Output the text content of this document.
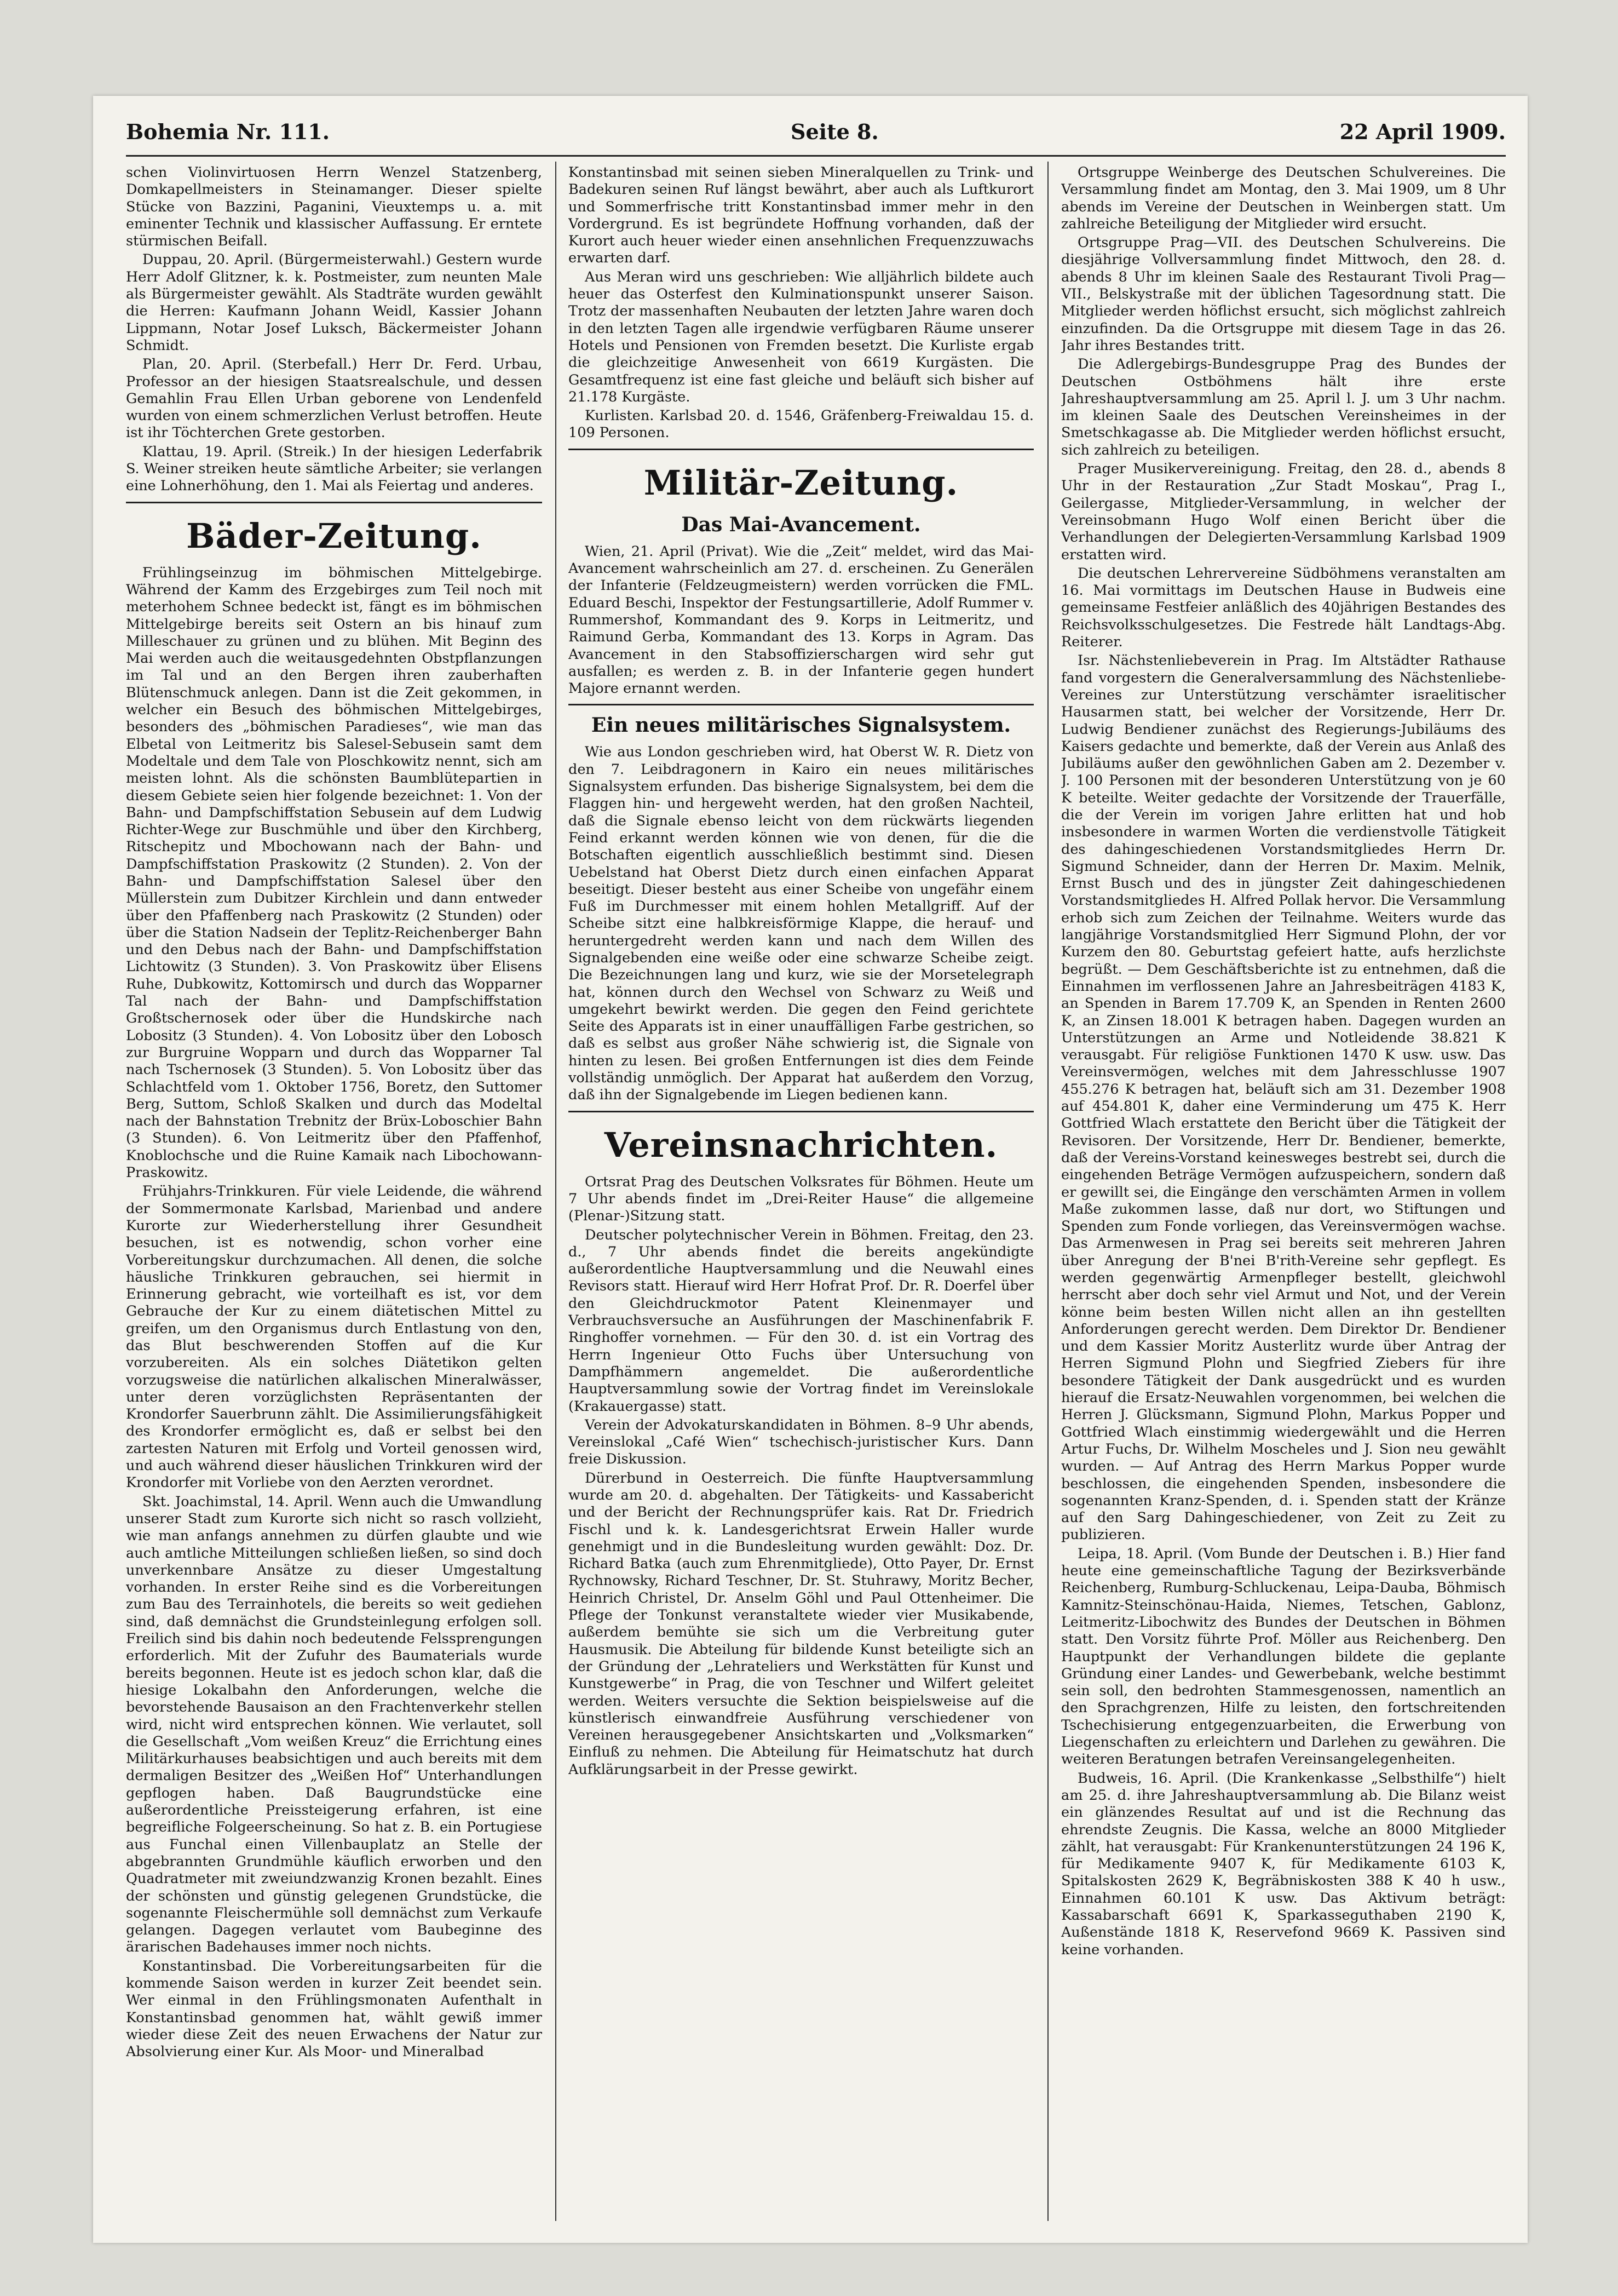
Bohemia Nr. 111.	Seite 8.	22 April 1909.

schen Violinvirtuosen Herrn Wenzel Statzenberg, Domkapellmeisters in Steinamanger. Dieser spielte Stücke von Bazzini, Paganini, Vieuxtemps u. a. mit eminenter Technik und klassischer Auffassung. Er erntete stürmischen Beifall.

Duppau, 20. April. (Bürgermeisterwahl.) Gestern wurde Herr Adolf Glitzner, k. k. Postmeister, zum neunten Male als Bürgermeister gewählt. Als Stadträte wurden gewählt die Herren: Kaufmann Johann Weidl, Kassier Johann Lippmann, Notar Josef Luksch, Bäckermeister Johann Schmidt.

Plan, 20. April. (Sterbefall.) Herr Dr. Ferd. Urbau, Professor an der hiesigen Staatsrealschule, und dessen Gemahlin Frau Ellen Urban geborene von Lendenfeld wurden von einem schmerzlichen Verlust betroffen. Heute ist ihr Töchterchen Grete gestorben.

Klattau, 19. April. (Streik.) In der hiesigen Lederfabrik S. Weiner streiken heute sämtliche Arbeiter; sie verlangen eine Lohnerhöhung, den 1. Mai als Feiertag und anderes.

Bäder-Zeitung.

Frühlingseinzug im böhmischen Mittelgebirge. Während der Kamm des Erzgebirges zum Teil noch mit meterhohem Schnee bedeckt ist, fängt es im böhmischen Mittelgebirge bereits seit Ostern an bis hinauf zum Milleschauer zu grünen und zu blühen. Mit Beginn des Mai werden auch die weitausgedehnten Obstpflanzungen im Tal und an den Bergen ihren zauberhaften Blütenschmuck anlegen. Dann ist die Zeit gekommen, in welcher ein Besuch des böhmischen Mittelgebirges, besonders des „böhmischen Paradieses“, wie man das Elbetal von Leitmeritz bis Salesel-Sebusein samt dem Modeltale und dem Tale von Ploschkowitz nennt, sich am meisten lohnt. Als die schönsten Baumblütepartien in diesem Gebiete seien hier folgende bezeichnet: 1. Von der Bahn- und Dampfschiffstation Sebusein auf dem Ludwig Richter-Wege zur Buschmühle und über den Kirchberg, Ritschepitz und Mbochowann nach der Bahn- und Dampfschiffstation Praskowitz (2 Stunden). 2. Von der Bahn- und Dampfschiffstation Salesel über den Müllerstein zum Dubitzer Kirchlein und dann entweder über den Pfaffenberg nach Praskowitz (2 Stunden) oder über die Station Nadsein der Teplitz-Reichenberger Bahn und den Debus nach der Bahn- und Dampfschiffstation Lichtowitz (3 Stunden). 3. Von Praskowitz über Elisens Ruhe, Dubkowitz, Kottomirsch und durch das Wopparner Tal nach der Bahn- und Dampfschiffstation Großtschernosek oder über die Hundskirche nach Lobositz (3 Stunden). 4. Von Lobositz über den Lobosch zur Burgruine Wopparn und durch das Wopparner Tal nach Tschernosek (3 Stunden). 5. Von Lobositz über das Schlachtfeld vom 1. Oktober 1756, Boretz, den Suttomer Berg, Suttom, Schloß Skalken und durch das Modeltal nach der Bahnstation Trebnitz der Brüx-Loboschier Bahn (3 Stunden). 6. Von Leitmeritz über den Pfaffenhof, Knoblochsche und die Ruine Kamaik nach Libochowann-Praskowitz.

Frühjahrs-Trinkkuren. Für viele Leidende, die während der Sommermonate Karlsbad, Marienbad und andere Kurorte zur Wiederherstellung ihrer Gesundheit besuchen, ist es notwendig, schon vorher eine Vorbereitungskur durchzumachen. All denen, die solche häusliche Trinkkuren gebrauchen, sei hiermit in Erinnerung gebracht, wie vorteilhaft es ist, vor dem Gebrauche der Kur zu einem diätetischen Mittel zu greifen, um den Organismus durch Entlastung von den, das Blut beschwerenden Stoffen auf die Kur vorzubereiten. Als ein solches Diätetikon gelten vorzugsweise die natürlichen alkalischen Mineralwässer, unter deren vorzüglichsten Repräsentanten der Krondorfer Sauerbrunn zählt. Die Assimilierungsfähigkeit des Krondorfer ermöglicht es, daß er selbst bei den zartesten Naturen mit Erfolg und Vorteil genossen wird, und auch während dieser häuslichen Trinkkuren wird der Krondorfer mit Vorliebe von den Aerzten verordnet.

Skt. Joachimstal, 14. April. Wenn auch die Umwandlung unserer Stadt zum Kurorte sich nicht so rasch vollzieht, wie man anfangs annehmen zu dürfen glaubte und wie auch amtliche Mitteilungen schließen ließen, so sind doch unverkennbare Ansätze zu dieser Umgestaltung vorhanden. In erster Reihe sind es die Vorbereitungen zum Bau des Terrainhotels, die bereits so weit gediehen sind, daß demnächst die Grundsteinlegung erfolgen soll. Freilich sind bis dahin noch bedeutende Felssprengungen erforderlich. Mit der Zufuhr des Baumaterials wurde bereits begonnen. Heute ist es jedoch schon klar, daß die hiesige Lokalbahn den Anforderungen, welche die bevorstehende Bausaison an den Frachtenverkehr stellen wird, nicht wird entsprechen können. Wie verlautet, soll die Gesellschaft „Vom weißen Kreuz“ die Errichtung eines Militärkurhauses beabsichtigen und auch bereits mit dem dermaligen Besitzer des „Weißen Hof“ Unterhandlungen gepflogen haben. Daß Baugrundstücke eine außerordentliche Preissteigerung erfahren, ist eine begreifliche Folgeerscheinung. So hat z. B. ein Portugiese aus Funchal einen Villenbauplatz an Stelle der abgebrannten Grundmühle käuflich erworben und den Quadratmeter mit zweiundzwanzig Kronen bezahlt. Eines der schönsten und günstig gelegenen Grundstücke, die sogenannte Fleischermühle soll demnächst zum Verkaufe gelangen. Dagegen verlautet vom Baubeginne des ärarischen Badehauses immer noch nichts.

Konstantinsbad. Die Vorbereitungsarbeiten für die kommende Saison werden in kurzer Zeit beendet sein. Wer einmal in den Frühlingsmonaten Aufenthalt in Konstantinsbad genommen hat, wählt gewiß immer wieder diese Zeit des neuen Erwachens der Natur zur Absolvierung einer Kur. Als Moor- und Mineralbad

Konstantinsbad mit seinen sieben Mineralquellen zu Trink- und Badekuren seinen Ruf längst bewährt, aber auch als Luftkurort und Sommerfrische tritt Konstantinsbad immer mehr in den Vordergrund. Es ist begründete Hoffnung vorhanden, daß der Kurort auch heuer wieder einen ansehnlichen Frequenzzuwachs erwarten darf.

Aus Meran wird uns geschrieben: Wie alljährlich bildete auch heuer das Osterfest den Kulminationspunkt unserer Saison. Trotz der massenhaften Neubauten der letzten Jahre waren doch in den letzten Tagen alle irgendwie verfügbaren Räume unserer Hotels und Pensionen von Fremden besetzt. Die Kurliste ergab die gleichzeitige Anwesenheit von 6619 Kurgästen. Die Gesamtfrequenz ist eine fast gleiche und beläuft sich bisher auf 21.178 Kurgäste.

Kurlisten. Karlsbad 20. d. 1546, Gräfenberg-Freiwaldau 15. d. 109 Personen.

Militär-Zeitung.
Das Mai-Avancement.

Wien, 21. April (Privat). Wie die „Zeit“ meldet, wird das Mai-Avancement wahrscheinlich am 27. d. erscheinen. Zu Generälen der Infanterie (Feldzeugmeistern) werden vorrücken die FML. Eduard Beschi, Inspektor der Festungsartillerie, Adolf Rummer v. Rummershof, Kommandant des 9. Korps in Leitmeritz, und Raimund Gerba, Kommandant des 13. Korps in Agram. Das Avancement in den Stabsoffizierschargen wird sehr gut ausfallen; es werden z. B. in der Infanterie gegen hundert Majore ernannt werden.

Ein neues militärisches Signalsystem.

Wie aus London geschrieben wird, hat Oberst W. R. Dietz von den 7. Leibdragonern in Kairo ein neues militärisches Signalsystem erfunden. Das bisherige Signalsystem, bei dem die Flaggen hin- und hergeweht werden, hat den großen Nachteil, daß die Signale ebenso leicht von dem rückwärts liegenden Feind erkannt werden können wie von denen, für die die Botschaften eigentlich ausschließlich bestimmt sind. Diesen Uebelstand hat Oberst Dietz durch einen einfachen Apparat beseitigt. Dieser besteht aus einer Scheibe von ungefähr einem Fuß im Durchmesser mit einem hohlen Metallgriff. Auf der Scheibe sitzt eine halbkreisförmige Klappe, die herauf- und heruntergedreht werden kann und nach dem Willen des Signalgebenden eine weiße oder eine schwarze Scheibe zeigt. Die Bezeichnungen lang und kurz, wie sie der Morsetelegraph hat, können durch den Wechsel von Schwarz zu Weiß und umgekehrt bewirkt werden. Die gegen den Feind gerichtete Seite des Apparats ist in einer unauffälligen Farbe gestrichen, so daß es selbst aus großer Nähe schwierig ist, die Signale von hinten zu lesen. Bei großen Entfernungen ist dies dem Feinde vollständig unmöglich. Der Apparat hat außerdem den Vorzug, daß ihn der Signalgebende im Liegen bedienen kann.

Vereinsnachrichten.

Ortsrat Prag des Deutschen Volksrates für Böhmen. Heute um 7 Uhr abends findet im „Drei-Reiter Hause“ die allgemeine (Plenar-)Sitzung statt.

Deutscher polytechnischer Verein in Böhmen. Freitag, den 23. d., 7 Uhr abends findet die bereits angekündigte außerordentliche Hauptversammlung und die Neuwahl eines Revisors statt. Hierauf wird Herr Hofrat Prof. Dr. R. Doerfel über den Gleichdruckmotor Patent Kleinenmayer und Verbrauchsversuche an Ausführungen der Maschinenfabrik F. Ringhoffer vornehmen. — Für den 30. d. ist ein Vortrag des Herrn Ingenieur Otto Fuchs über Untersuchung von Dampfhämmern angemeldet. Die außerordentliche Hauptversammlung sowie der Vortrag findet im Vereinslokale (Krakauergasse) statt.

Verein der Advokaturskandidaten in Böhmen. 8–9 Uhr abends, Vereinslokal „Café Wien“ tschechisch-juristischer Kurs. Dann freie Diskussion.

Dürerbund in Oesterreich. Die fünfte Hauptversammlung wurde am 20. d. abgehalten. Der Tätigkeits- und Kassabericht und der Bericht der Rechnungsprüfer kais. Rat Dr. Friedrich Fischl und k. k. Landesgerichtsrat Erwein Haller wurde genehmigt und in die Bundesleitung wurden gewählt: Doz. Dr. Richard Batka (auch zum Ehrenmitgliede), Otto Payer, Dr. Ernst Rychnowsky, Richard Teschner, Dr. St. Stuhrawy, Moritz Becher, Heinrich Christel, Dr. Anselm Göhl und Paul Ottenheimer. Die Pflege der Tonkunst veranstaltete wieder vier Musikabende, außerdem bemühte sie sich um die Verbreitung guter Hausmusik. Die Abteilung für bildende Kunst beteiligte sich an der Gründung der „Lehrateliers und Werkstätten für Kunst und Kunstgewerbe“ in Prag, die von Teschner und Wilfert geleitet werden. Weiters versuchte die Sektion beispielsweise auf die künstlerisch einwandfreie Ausführung verschiedener von Vereinen herausgegebener Ansichtskarten und „Volksmarken“ Einfluß zu nehmen. Die Abteilung für Heimatschutz hat durch Aufklärungsarbeit in der Presse gewirkt.

Ortsgruppe Weinberge des Deutschen Schulvereines. Die Versammlung findet am Montag, den 3. Mai 1909, um 8 Uhr abends im Vereine der Deutschen in Weinbergen statt. Um zahlreiche Beteiligung der Mitglieder wird ersucht.

Ortsgruppe Prag—VII. des Deutschen Schulvereins. Die diesjährige Vollversammlung findet Mittwoch, den 28. d. abends 8 Uhr im kleinen Saale des Restaurant Tivoli Prag—VII., Belskystraße mit der üblichen Tagesordnung statt. Die Mitglieder werden höflichst ersucht, sich möglichst zahlreich einzufinden. Da die Ortsgruppe mit diesem Tage in das 26. Jahr ihres Bestandes tritt.

Die Adlergebirgs-Bundesgruppe Prag des Bundes der Deutschen Ostböhmens hält ihre erste Jahreshauptversammlung am 25. April l. J. um 3 Uhr nachm. im kleinen Saale des Deutschen Vereinsheimes in der Smetschkagasse ab. Die Mitglieder werden höflichst ersucht, sich zahlreich zu beteiligen.

Prager Musikervereinigung. Freitag, den 28. d., abends 8 Uhr in der Restauration „Zur Stadt Moskau“, Prag I., Geilergasse, Mitglieder-Versammlung, in welcher der Vereinsobmann Hugo Wolf einen Bericht über die Verhandlungen der Delegierten-Versammlung Karlsbad 1909 erstatten wird.

Die deutschen Lehrervereine Südböhmens veranstalten am 16. Mai vormittags im Deutschen Hause in Budweis eine gemeinsame Festfeier anläßlich des 40jährigen Bestandes des Reichsvolksschulgesetzes. Die Festrede hält Landtags-Abg. Reiterer.

Isr. Nächstenliebeverein in Prag. Im Altstädter Rathause fand vorgestern die Generalversammlung des Nächstenliebe-Vereines zur Unterstützung verschämter israelitischer Hausarmen statt, bei welcher der Vorsitzende, Herr Dr. Ludwig Bendiener zunächst des Regierungs-Jubiläums des Kaisers gedachte und bemerkte, daß der Verein aus Anlaß des Jubiläums außer den gewöhnlichen Gaben am 2. Dezember v. J. 100 Personen mit der besonderen Unterstützung von je 60 K beteilte. Weiter gedachte der Vorsitzende der Trauerfälle, die der Verein im vorigen Jahre erlitten hat und hob insbesondere in warmen Worten die verdienstvolle Tätigkeit des dahingeschiedenen Vorstandsmitgliedes Herrn Dr. Sigmund Schneider, dann der Herren Dr. Maxim. Melnik, Ernst Busch und des in jüngster Zeit dahingeschiedenen Vorstandsmitgliedes H. Alfred Pollak hervor. Die Versammlung erhob sich zum Zeichen der Teilnahme. Weiters wurde das langjährige Vorstandsmitglied Herr Sigmund Plohn, der vor Kurzem den 80. Geburtstag gefeiert hatte, aufs herzlichste begrüßt. — Dem Geschäftsberichte ist zu entnehmen, daß die Einnahmen im verflossenen Jahre an Jahresbeiträgen 4183 K, an Spenden in Barem 17.709 K, an Spenden in Renten 2600 K, an Zinsen 18.001 K betragen haben. Dagegen wurden an Unterstützungen an Arme und Notleidende 38.821 K verausgabt. Für religiöse Funktionen 1470 K usw. usw. Das Vereinsvermögen, welches mit dem Jahresschlusse 1907 455.276 K betragen hat, beläuft sich am 31. Dezember 1908 auf 454.801 K, daher eine Verminderung um 475 K. Herr Gottfried Wlach erstattete den Bericht über die Tätigkeit der Revisoren. Der Vorsitzende, Herr Dr. Bendiener, bemerkte, daß der Vereins-Vorstand keinesweges bestrebt sei, durch die eingehenden Beträge Vermögen aufzuspeichern, sondern daß er gewillt sei, die Eingänge den verschämten Armen in vollem Maße zukommen lasse, daß nur dort, wo Stiftungen und Spenden zum Fonde vorliegen, das Vereinsvermögen wachse. Das Armenwesen in Prag sei bereits seit mehreren Jahren über Anregung der B'nei B'rith-Vereine sehr gepflegt. Es werden gegenwärtig Armenpfleger bestellt, gleichwohl herrscht aber doch sehr viel Armut und Not, und der Verein könne beim besten Willen nicht allen an ihn gestellten Anforderungen gerecht werden. Dem Direktor Dr. Bendiener und dem Kassier Moritz Austerlitz wurde über Antrag der Herren Sigmund Plohn und Siegfried Ziebers für ihre besondere Tätigkeit der Dank ausgedrückt und es wurden hierauf die Ersatz-Neuwahlen vorgenommen, bei welchen die Herren J. Glücksmann, Sigmund Plohn, Markus Popper und Gottfried Wlach einstimmig wiedergewählt und die Herren Artur Fuchs, Dr. Wilhelm Moscheles und J. Sion neu gewählt wurden. — Auf Antrag des Herrn Markus Popper wurde beschlossen, die eingehenden Spenden, insbesondere die sogenannten Kranz-Spenden, d. i. Spenden statt der Kränze auf den Sarg Dahingeschiedener, von Zeit zu Zeit zu publizieren.

Leipa, 18. April. (Vom Bunde der Deutschen i. B.) Hier fand heute eine gemeinschaftliche Tagung der Bezirksverbände Reichenberg, Rumburg-Schluckenau, Leipa-Dauba, Böhmisch Kamnitz-Steinschönau-Haida, Niemes, Tetschen, Gablonz, Leitmeritz-Libochwitz des Bundes der Deutschen in Böhmen statt. Den Vorsitz führte Prof. Möller aus Reichenberg. Den Hauptpunkt der Verhandlungen bildete die geplante Gründung einer Landes- und Gewerbebank, welche bestimmt sein soll, den bedrohten Stammesgenossen, namentlich an den Sprachgrenzen, Hilfe zu leisten, den fortschreitenden Tschechisierung entgegenzuarbeiten, die Erwerbung von Liegenschaften zu erleichtern und Darlehen zu gewähren. Die weiteren Beratungen betrafen Vereinsangelegenheiten.

Budweis, 16. April. (Die Krankenkasse „Selbsthilfe“) hielt am 25. d. ihre Jahreshauptversammlung ab. Die Bilanz weist ein glänzendes Resultat auf und ist die Rechnung das ehrendste Zeugnis. Die Kassa, welche an 8000 Mitglieder zählt, hat verausgabt: Für Krankenunterstützungen 24 196 K, für Medikamente 9407 K, für Medikamente 6103 K, Spitalskosten 2629 K, Begräbniskosten 388 K 40 h usw., Einnahmen 60.101 K usw. Das Aktivum beträgt: Kassabarschaft 6691 K, Sparkasseguthaben 2190 K, Außenstände 1818 K, Reservefond 9669 K. Passiven sind keine vorhanden.
